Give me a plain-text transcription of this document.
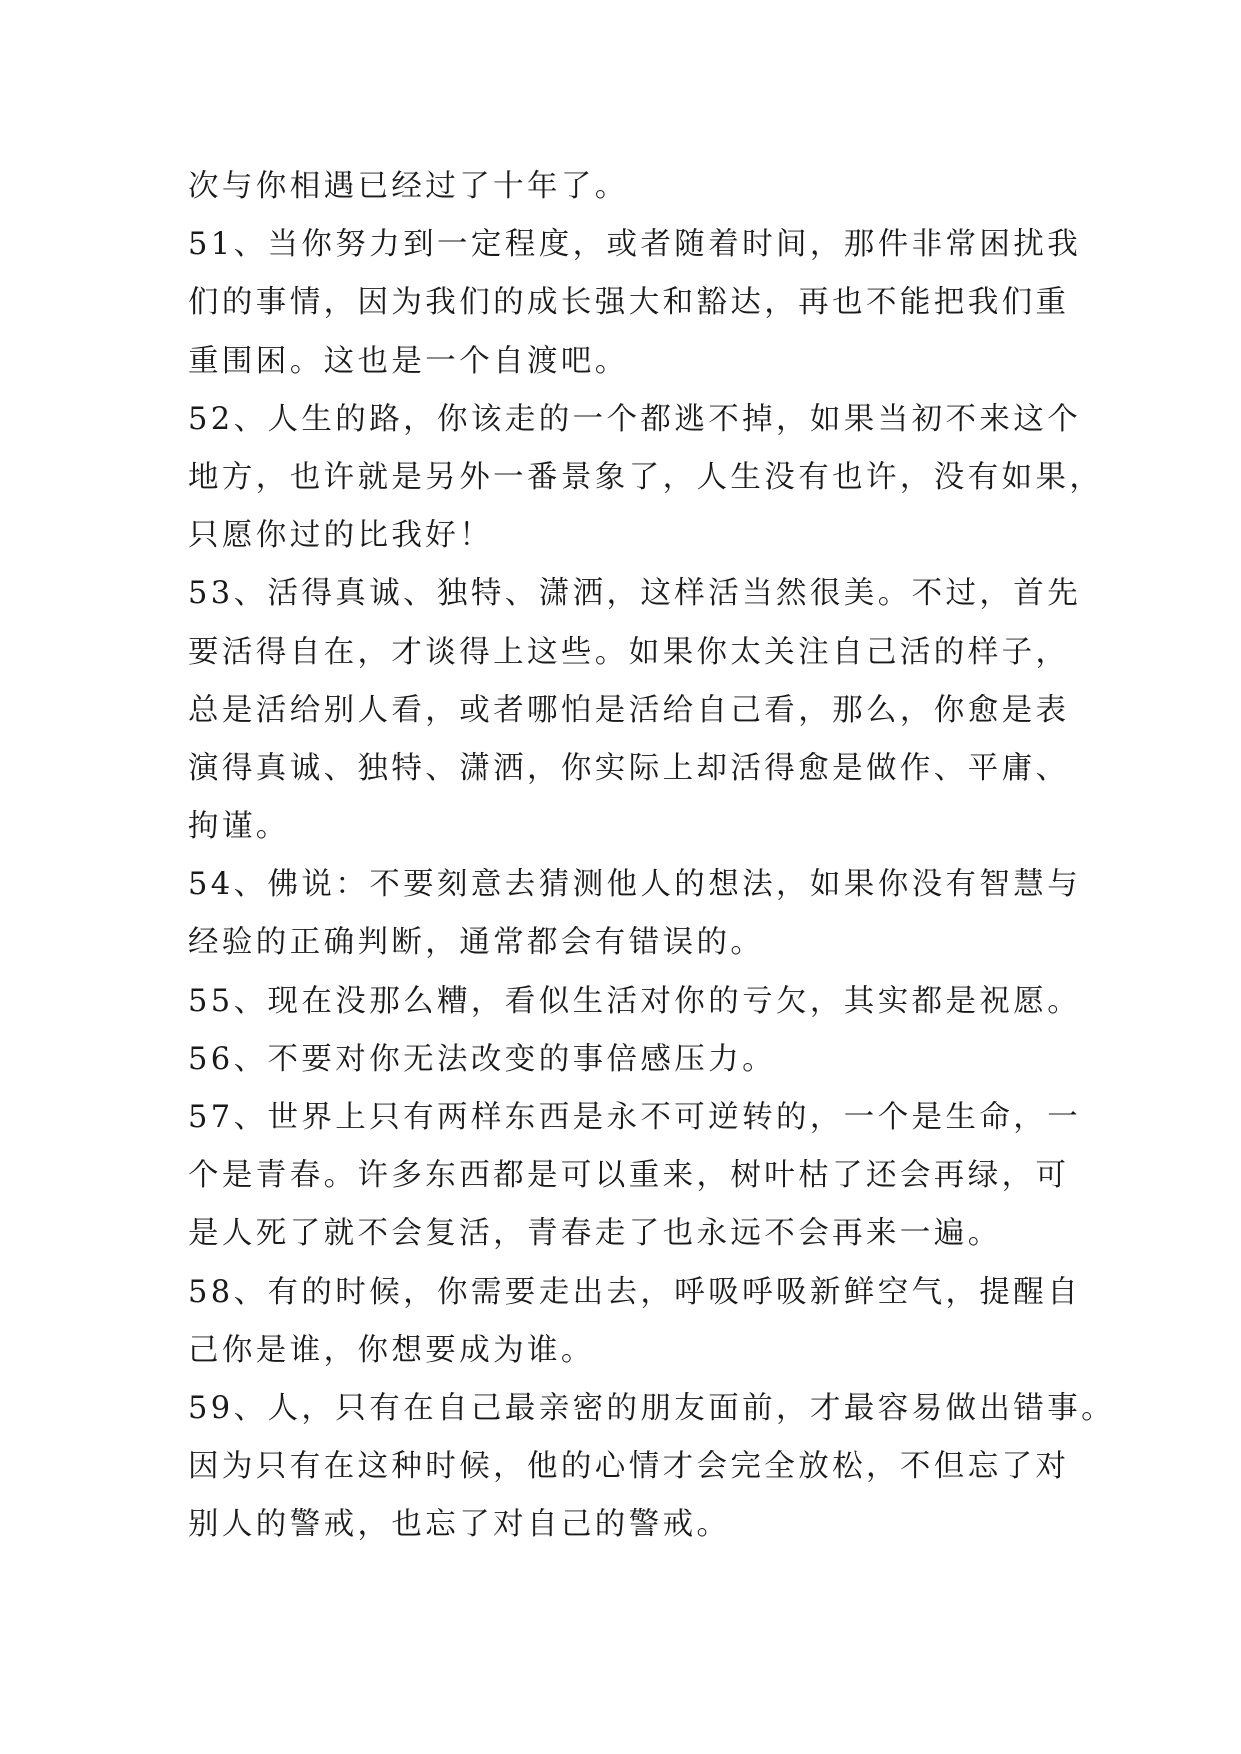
次与你相遇已经过了十年了。
51、当你努力到一定程度，或者随着时间，那件非常困扰我
们的事情，因为我们的成长强大和豁达，再也不能把我们重
重围困。这也是一个自渡吧。
52、人生的路，你该走的一个都逃不掉，如果当初不来这个
地方，也许就是另外一番景象了，人生没有也许，没有如果，
只愿你过的比我好！
53、活得真诚、独特、潇洒，这样活当然很美。不过，首先
要活得自在，才谈得上这些。如果你太关注自己活的样子，
总是活给别人看，或者哪怕是活给自己看，那么，你愈是表
演得真诚、独特、潇洒，你实际上却活得愈是做作、平庸、
拘谨。
54、佛说：不要刻意去猜测他人的想法，如果你没有智慧与
经验的正确判断，通常都会有错误的。
55、现在没那么糟，看似生活对你的亏欠，其实都是祝愿。
56、不要对你无法改变的事倍感压力。
57、世界上只有两样东西是永不可逆转的，一个是生命，一
个是青春。许多东西都是可以重来，树叶枯了还会再绿，可
是人死了就不会复活，青春走了也永远不会再来一遍。
58、有的时候，你需要走出去，呼吸呼吸新鲜空气，提醒自
己你是谁，你想要成为谁。
59、人，只有在自己最亲密的朋友面前，才最容易做出错事。
因为只有在这种时候，他的心情才会完全放松，不但忘了对
别人的警戒，也忘了对自己的警戒。
